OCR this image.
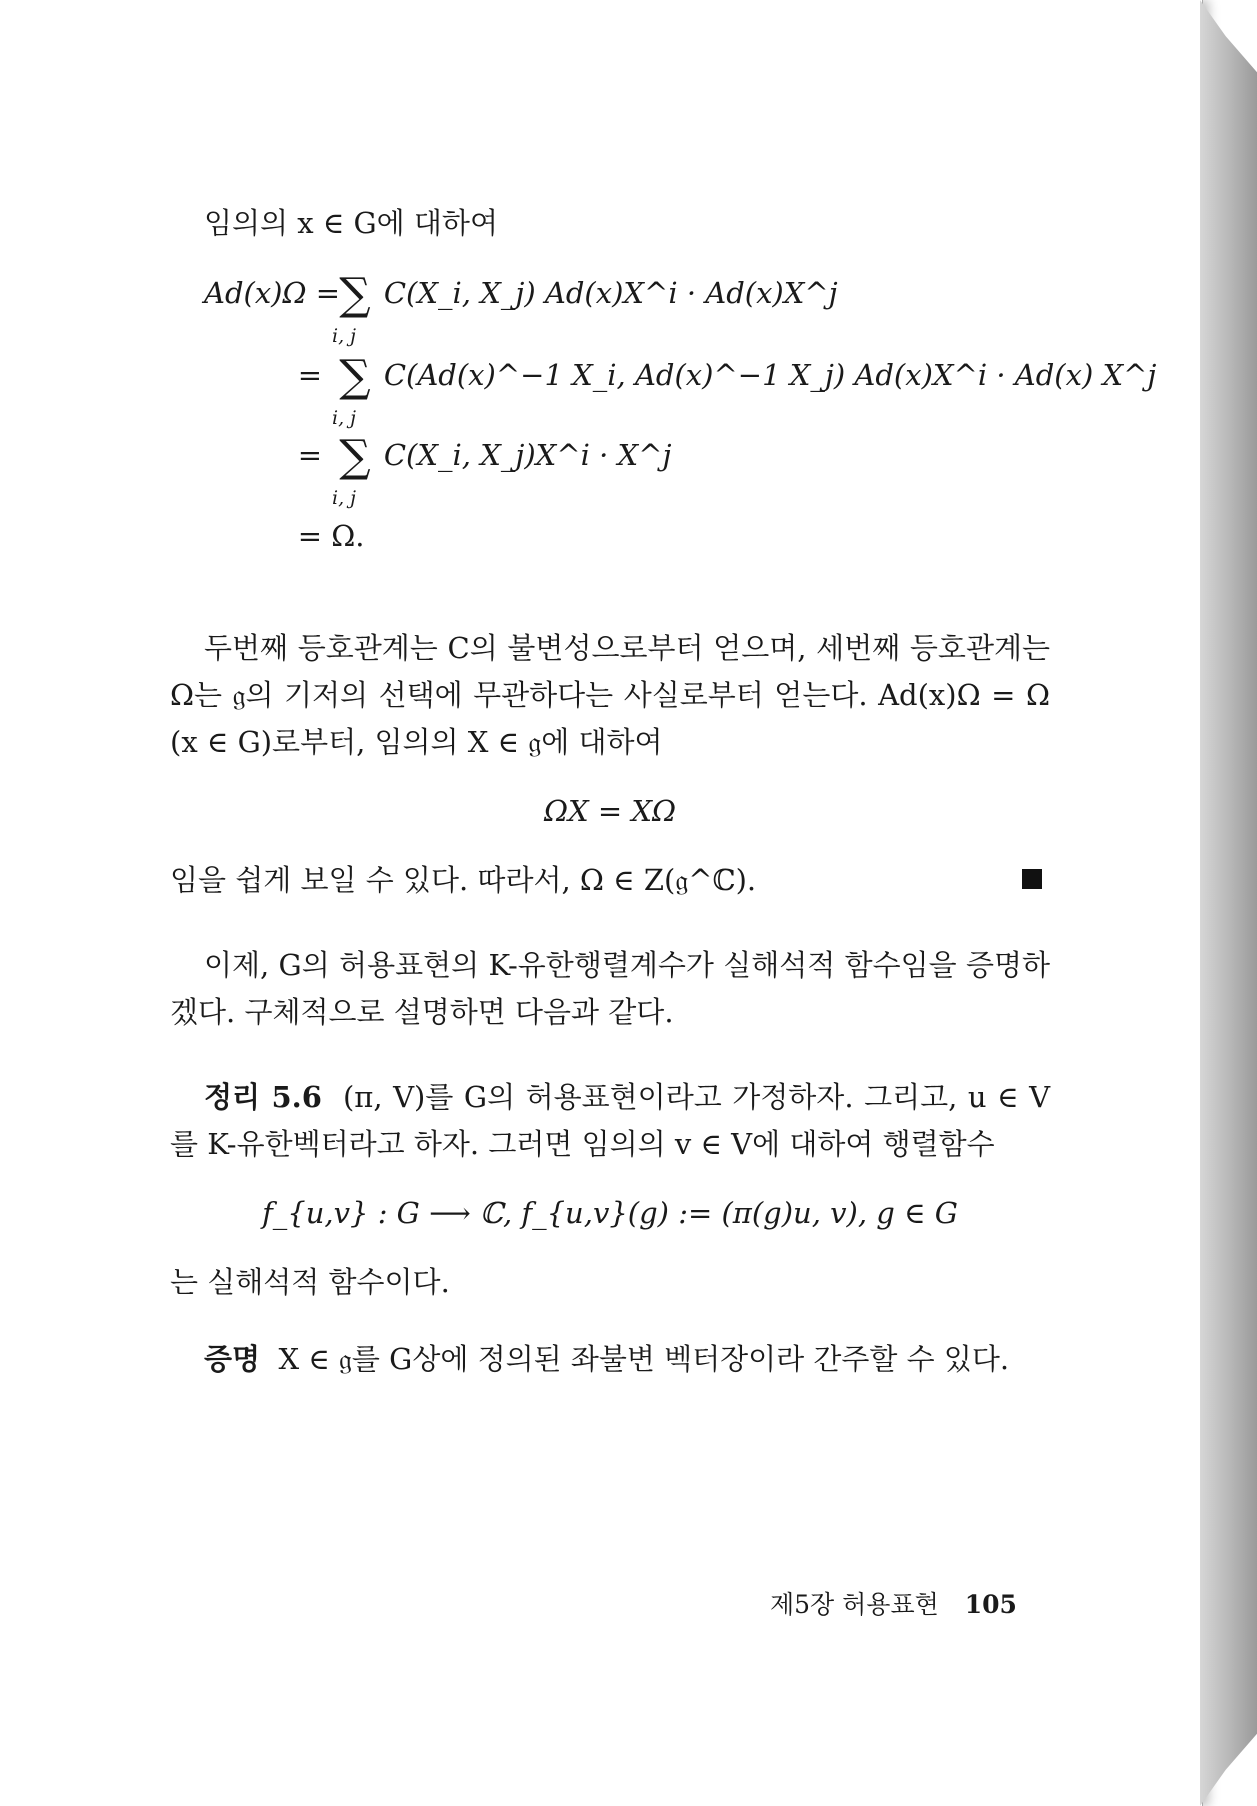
임의의 x ∈ G에 대하여

Ad(x)Ω = ∑
i, j
C(X_i, X_j) Ad(x)X^i · Ad(x)X^j
= ∑
i, j
C(Ad(x)^−1 X_i, Ad(x)^−1 X_j) Ad(x)X^i · Ad(x) X^j
= ∑
i, j
C(X_i, X_j)X^i · X^j
= Ω.

두번째 등호관계는 C의 불변성으로부터 얻으며, 세번째 등호관계는 Ω는 𝔤의 기저의 선택에 무관하다는 사실로부터 얻는다. Ad(x)Ω = Ω (x ∈ G)로부터, 임의의 X ∈ 𝔤에 대하여

ΩX = XΩ

임을 쉽게 보일 수 있다. 따라서, Ω ∈ Z(𝔤^ℂ).

이제, G의 허용표현의 K-유한행렬계수가 실해석적 함수임을 증명하겠다. 구체적으로 설명하면 다음과 같다.

정리 5.6 (π, V)를 G의 허용표현이라고 가정하자. 그리고, u ∈ V를 K-유한벡터라고 하자. 그러면 임의의 v ∈ V에 대하여 행렬함수

f_{u,v} : G ⟶ ℂ, f_{u,v}(g) := (π(g)u, v), g ∈ G

는 실해석적 함수이다.

증명 X ∈ 𝔤를 G상에 정의된 좌불변 벡터장이라 간주할 수 있다.

제5장 허용표현 105
